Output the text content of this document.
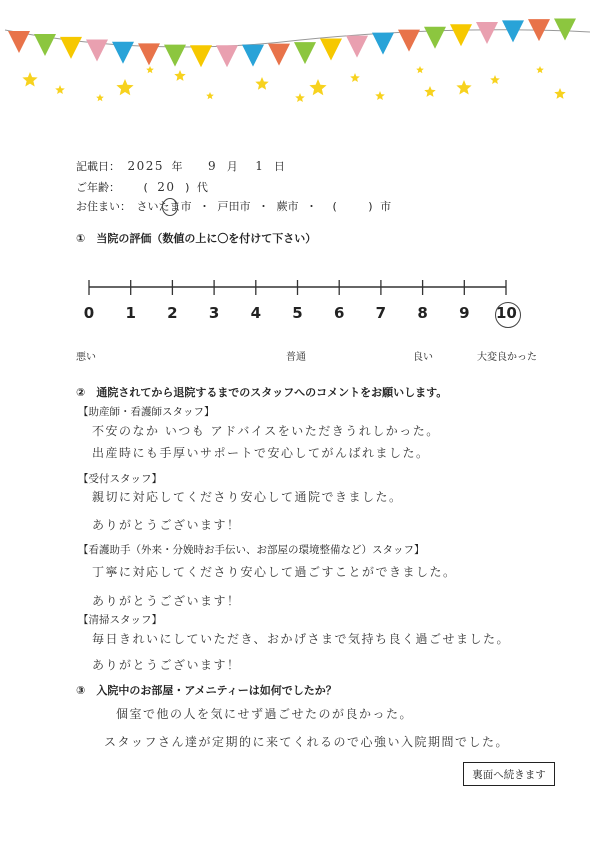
記載日： 2025 年 9 月 1 日
ご年齢： ( 20 ) 代
お住まい： さいたま市 ・ 戸田市 ・ 蕨市 ・ (	) 市
①　当院の評価（数値の上に〇を付けて下さい）
0	1	2	3	4	5	6	7	8	9	10
悪い	普通	良い	大変良かった
②　通院されてから退院するまでのスタッフへのコメントをお願いします。
【助産師・看護師スタッフ】
不安のなか いつも アドバイスをいただきうれしかった。
出産時にも手厚いサポートで安心してがんばれました。
【受付スタッフ】
親切に対応してくださり安心して通院できました。
ありがとうございます！
【看護助手（外来・分娩時お手伝い、お部屋の環境整備など）スタッフ】
丁寧に対応してくださり安心して過ごすことができました。
ありがとうございます！
【清掃スタッフ】
毎日きれいにしていただき、おかげさまで気持ち良く過ごせました。
ありがとうございます！
③　入院中のお部屋・アメニティーは如何でしたか？
個室で他の人を気にせず過ごせたのが良かった。
スタッフさん達が定期的に来てくれるので心強い入院期間でした。
裏面へ続きます
